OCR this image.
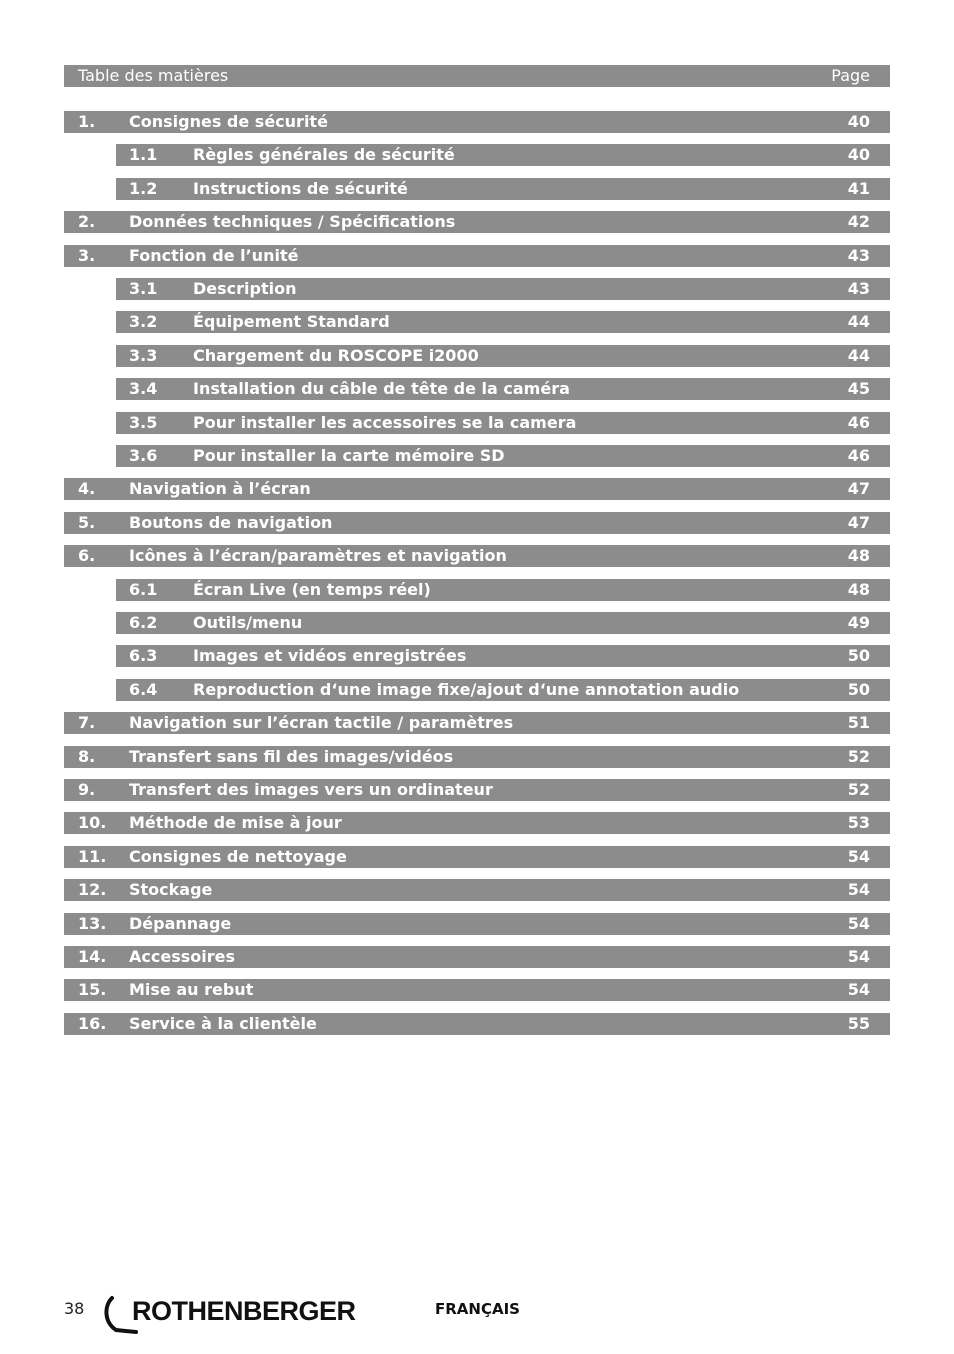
Table des matières	Page
1. Consignes de sécurité	40
1.1 Règles générales de sécurité	40
1.2 Instructions de sécurité	41
2. Données techniques / Spécifications	42
3. Fonction de l’unité	43
3.1 Description	43
3.2 Équipement Standard	44
3.3 Chargement du ROSCOPE i2000	44
3.4 Installation du câble de tête de la caméra	45
3.5 Pour installer les accessoires se la camera	46
3.6 Pour installer la carte mémoire SD	46
4. Navigation à l’écran	47
5. Boutons de navigation	47
6. Icônes à l’écran/paramètres et navigation	48
6.1 Écran Live (en temps réel)	48
6.2 Outils/menu	49
6.3 Images et vidéos enregistrées	50
6.4 Reproduction d‘une image fixe/ajout d‘une annotation audio	50
7. Navigation sur l’écran tactile / paramètres	51
8. Transfert sans fil des images/vidéos	52
9. Transfert des images vers un ordinateur	52
10. Méthode de mise à jour	53
11. Consignes de nettoyage	54
12. Stockage	54
13. Dépannage	54
14. Accessoires	54
15. Mise au rebut	54
16. Service à la clientèle	55
38 ROTHENBERGER	FRANÇAIS
